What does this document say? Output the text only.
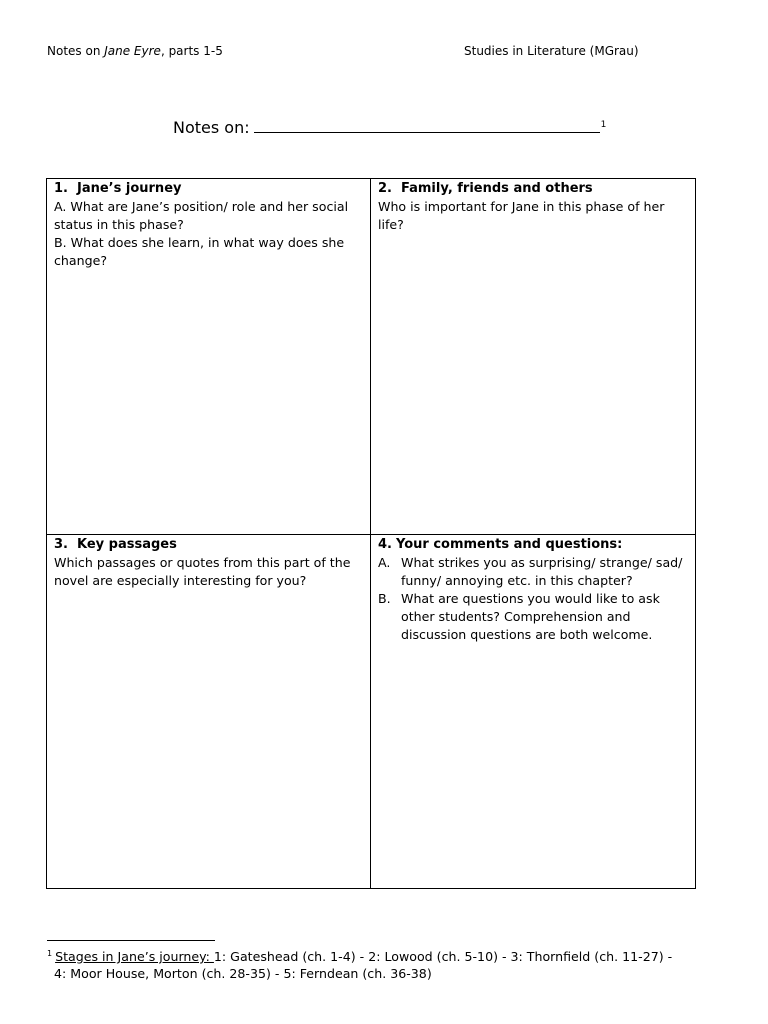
Notes on Jane Eyre, parts 1-5	Studies in Literature (MGrau)
Notes on:	$^1$
1. Jane’s journey
A. What are Jane’s position/ role and her social status in this phase?
B. What does she learn, in what way does she change?
2. Family, friends and others
Who is important for Jane in this phase of her life?
3. Key passages
Which passages or quotes from this part of the novel are especially interesting for you?
4. Your comments and questions:
A. What strikes you as surprising/ strange/ sad/ funny/ annoying etc. in this chapter?
B. What are questions you would like to ask other students? Comprehension and discussion questions are both welcome.
$^1$ Stages in Jane’s journey: 1: Gateshead (ch. 1-4) - 2: Lowood (ch. 5-10) - 3: Thornfield (ch. 11-27) -
4: Moor House, Morton (ch. 28-35) - 5: Ferndean (ch. 36-38)
